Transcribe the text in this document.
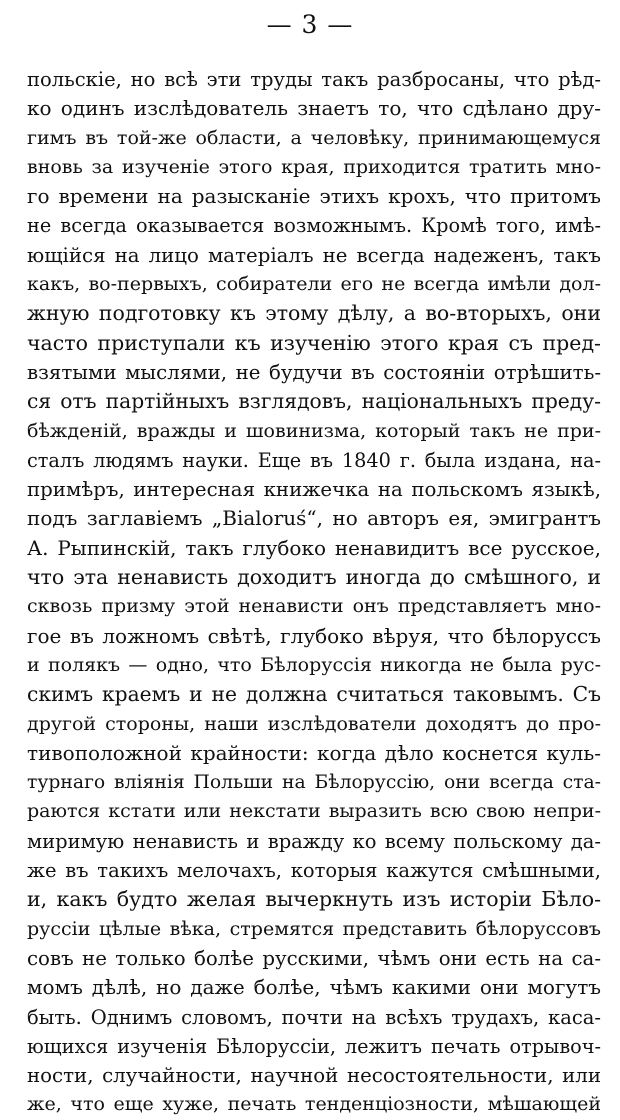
— 3 —
польскіе, но всѣ эти труды такъ разбросаны, что рѣд-
ко одинъ изслѣдователь знаетъ то, что сдѣлано дру-
гимъ въ той-же области, а человѣку, принимающемуся
вновь за изученіе этого края, приходится тратить мно-
го времени на разысканіе этихъ крохъ, что притомъ
не всегда оказывается возможнымъ. Кромѣ того, имѣ-
ющійся на лицо матеріалъ не всегда надеженъ, такъ
какъ, во-первыхъ, собиратели его не всегда имѣли дол-
жную подготовку къ этому дѣлу, а во-вторыхъ, они
часто приступали къ изученію этого края съ пред-
взятыми мыслями, не будучи въ состояніи отрѣшить-
ся отъ партійныхъ взглядовъ, національныхъ преду-
бѣжденій, вражды и шовинизма, который такъ не при-
сталъ людямъ науки. Еще въ 1840 г. была издана, на-
примѣръ, интересная книжечка на польскомъ языкѣ,
подъ заглавіемъ „Bialoruś“, но авторъ ея, эмигрантъ
А. Рыпинскій, такъ глубоко ненавидитъ все русское,
что эта ненависть доходитъ иногда до смѣшного, и
сквозь призму этой ненависти онъ представляетъ мно-
гое въ ложномъ свѣтѣ, глубоко вѣруя, что бѣлоруссъ
и полякъ — одно, что Бѣлоруссія никогда не была рус-
скимъ краемъ и не должна считаться таковымъ. Съ
другой стороны, наши изслѣдователи доходятъ до про-
тивоположной крайности: когда дѣло коснется куль-
турнаго вліянія Польши на Бѣлоруссію, они всегда ста-
раются кстати или некстати выразить всю свою непри-
миримую ненависть и вражду ко всему польскому да-
же въ такихъ мелочахъ, которыя кажутся смѣшными,
и, какъ будто желая вычеркнуть изъ исторіи Бѣло-
руссіи цѣлые вѣка, стремятся представить бѣлоруссовъ
совъ не только болѣе русскими, чѣмъ они есть на са-
момъ дѣлѣ, но даже болѣе, чѣмъ какими они могутъ
быть. Однимъ словомъ, почти на всѣхъ трудахъ, каса-
ющихся изученія Бѣлоруссіи, лежитъ печать отрывоч-
ности, случайности, научной несостоятельности, или
же, что еще хуже, печать тенденціозности, мѣшающей
